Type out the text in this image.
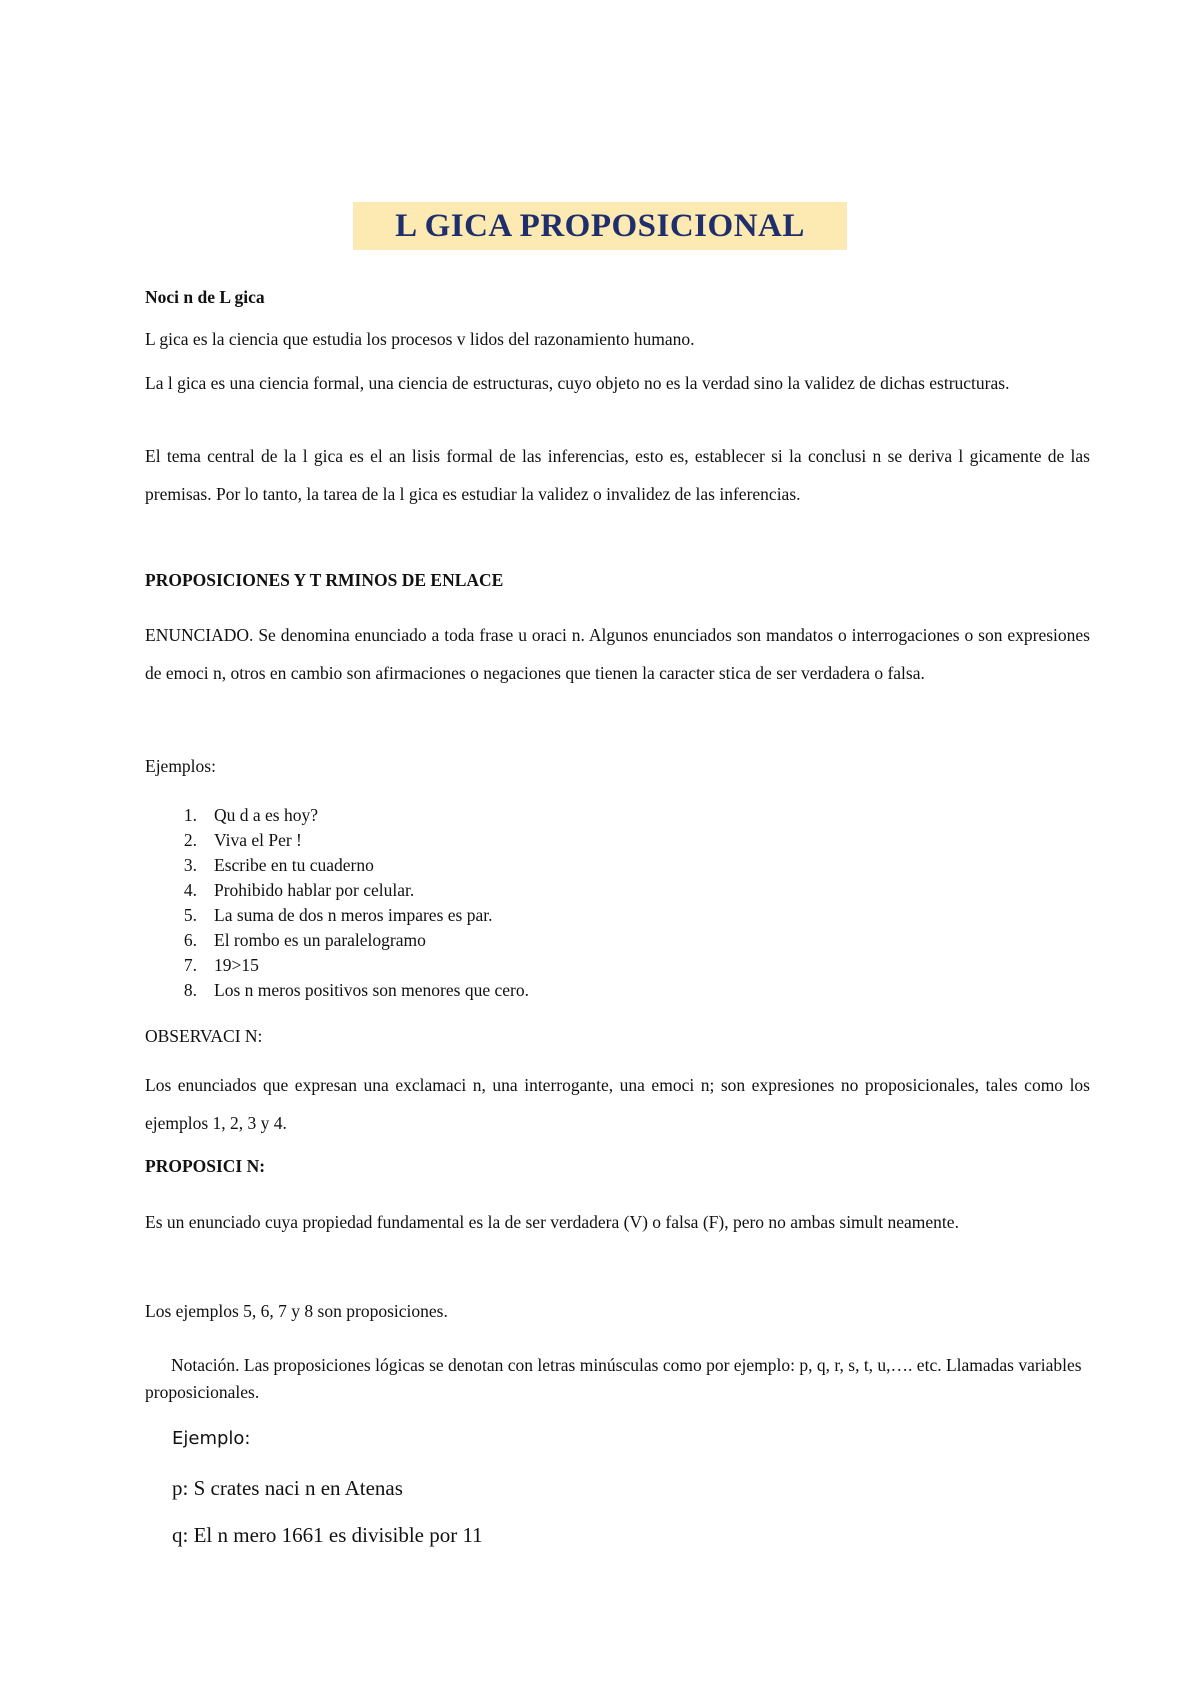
L GICA PROPOSICIONAL
Noci n de L gica
L gica es la ciencia que estudia los procesos v lidos del razonamiento humano.
La l gica es una ciencia formal, una ciencia de estructuras, cuyo objeto no es la verdad sino la validez de dichas estructuras.
El tema central de la l gica es el an lisis formal de las inferencias, esto es, establecer si la conclusi n se deriva l gicamente de las premisas. Por lo tanto, la tarea de la l gica es estudiar la validez o invalidez de las inferencias.
PROPOSICIONES Y T RMINOS DE ENLACE
ENUNCIADO. Se denomina enunciado a toda frase u oraci n. Algunos enunciados son mandatos o interrogaciones o son expresiones de emoci n, otros en cambio son afirmaciones o negaciones que tienen la caracter stica de ser verdadera o falsa.
Ejemplos:
1. Qu d a es hoy?
2. Viva el Per !
3. Escribe en tu cuaderno
4. Prohibido hablar por celular.
5. La suma de dos n meros impares es par.
6. El rombo es un paralelogramo
7. 19>15
8. Los n meros positivos son menores que cero.
OBSERVACI N:
Los enunciados que expresan una exclamaci n, una interrogante, una emoci n; son expresiones no proposicionales, tales como los ejemplos 1, 2, 3 y 4.
PROPOSICI N:
Es un enunciado cuya propiedad fundamental es la de ser verdadera (V) o falsa (F), pero no ambas simult neamente.
Los ejemplos 5, 6, 7 y 8 son proposiciones.
Notación. Las proposiciones lógicas se denotan con letras minúsculas como por ejemplo: p, q, r, s, t, u,…. etc. Llamadas variables proposicionales.
Ejemplo:
p: S crates naci n en Atenas
q: El n mero 1661 es divisible por 11
